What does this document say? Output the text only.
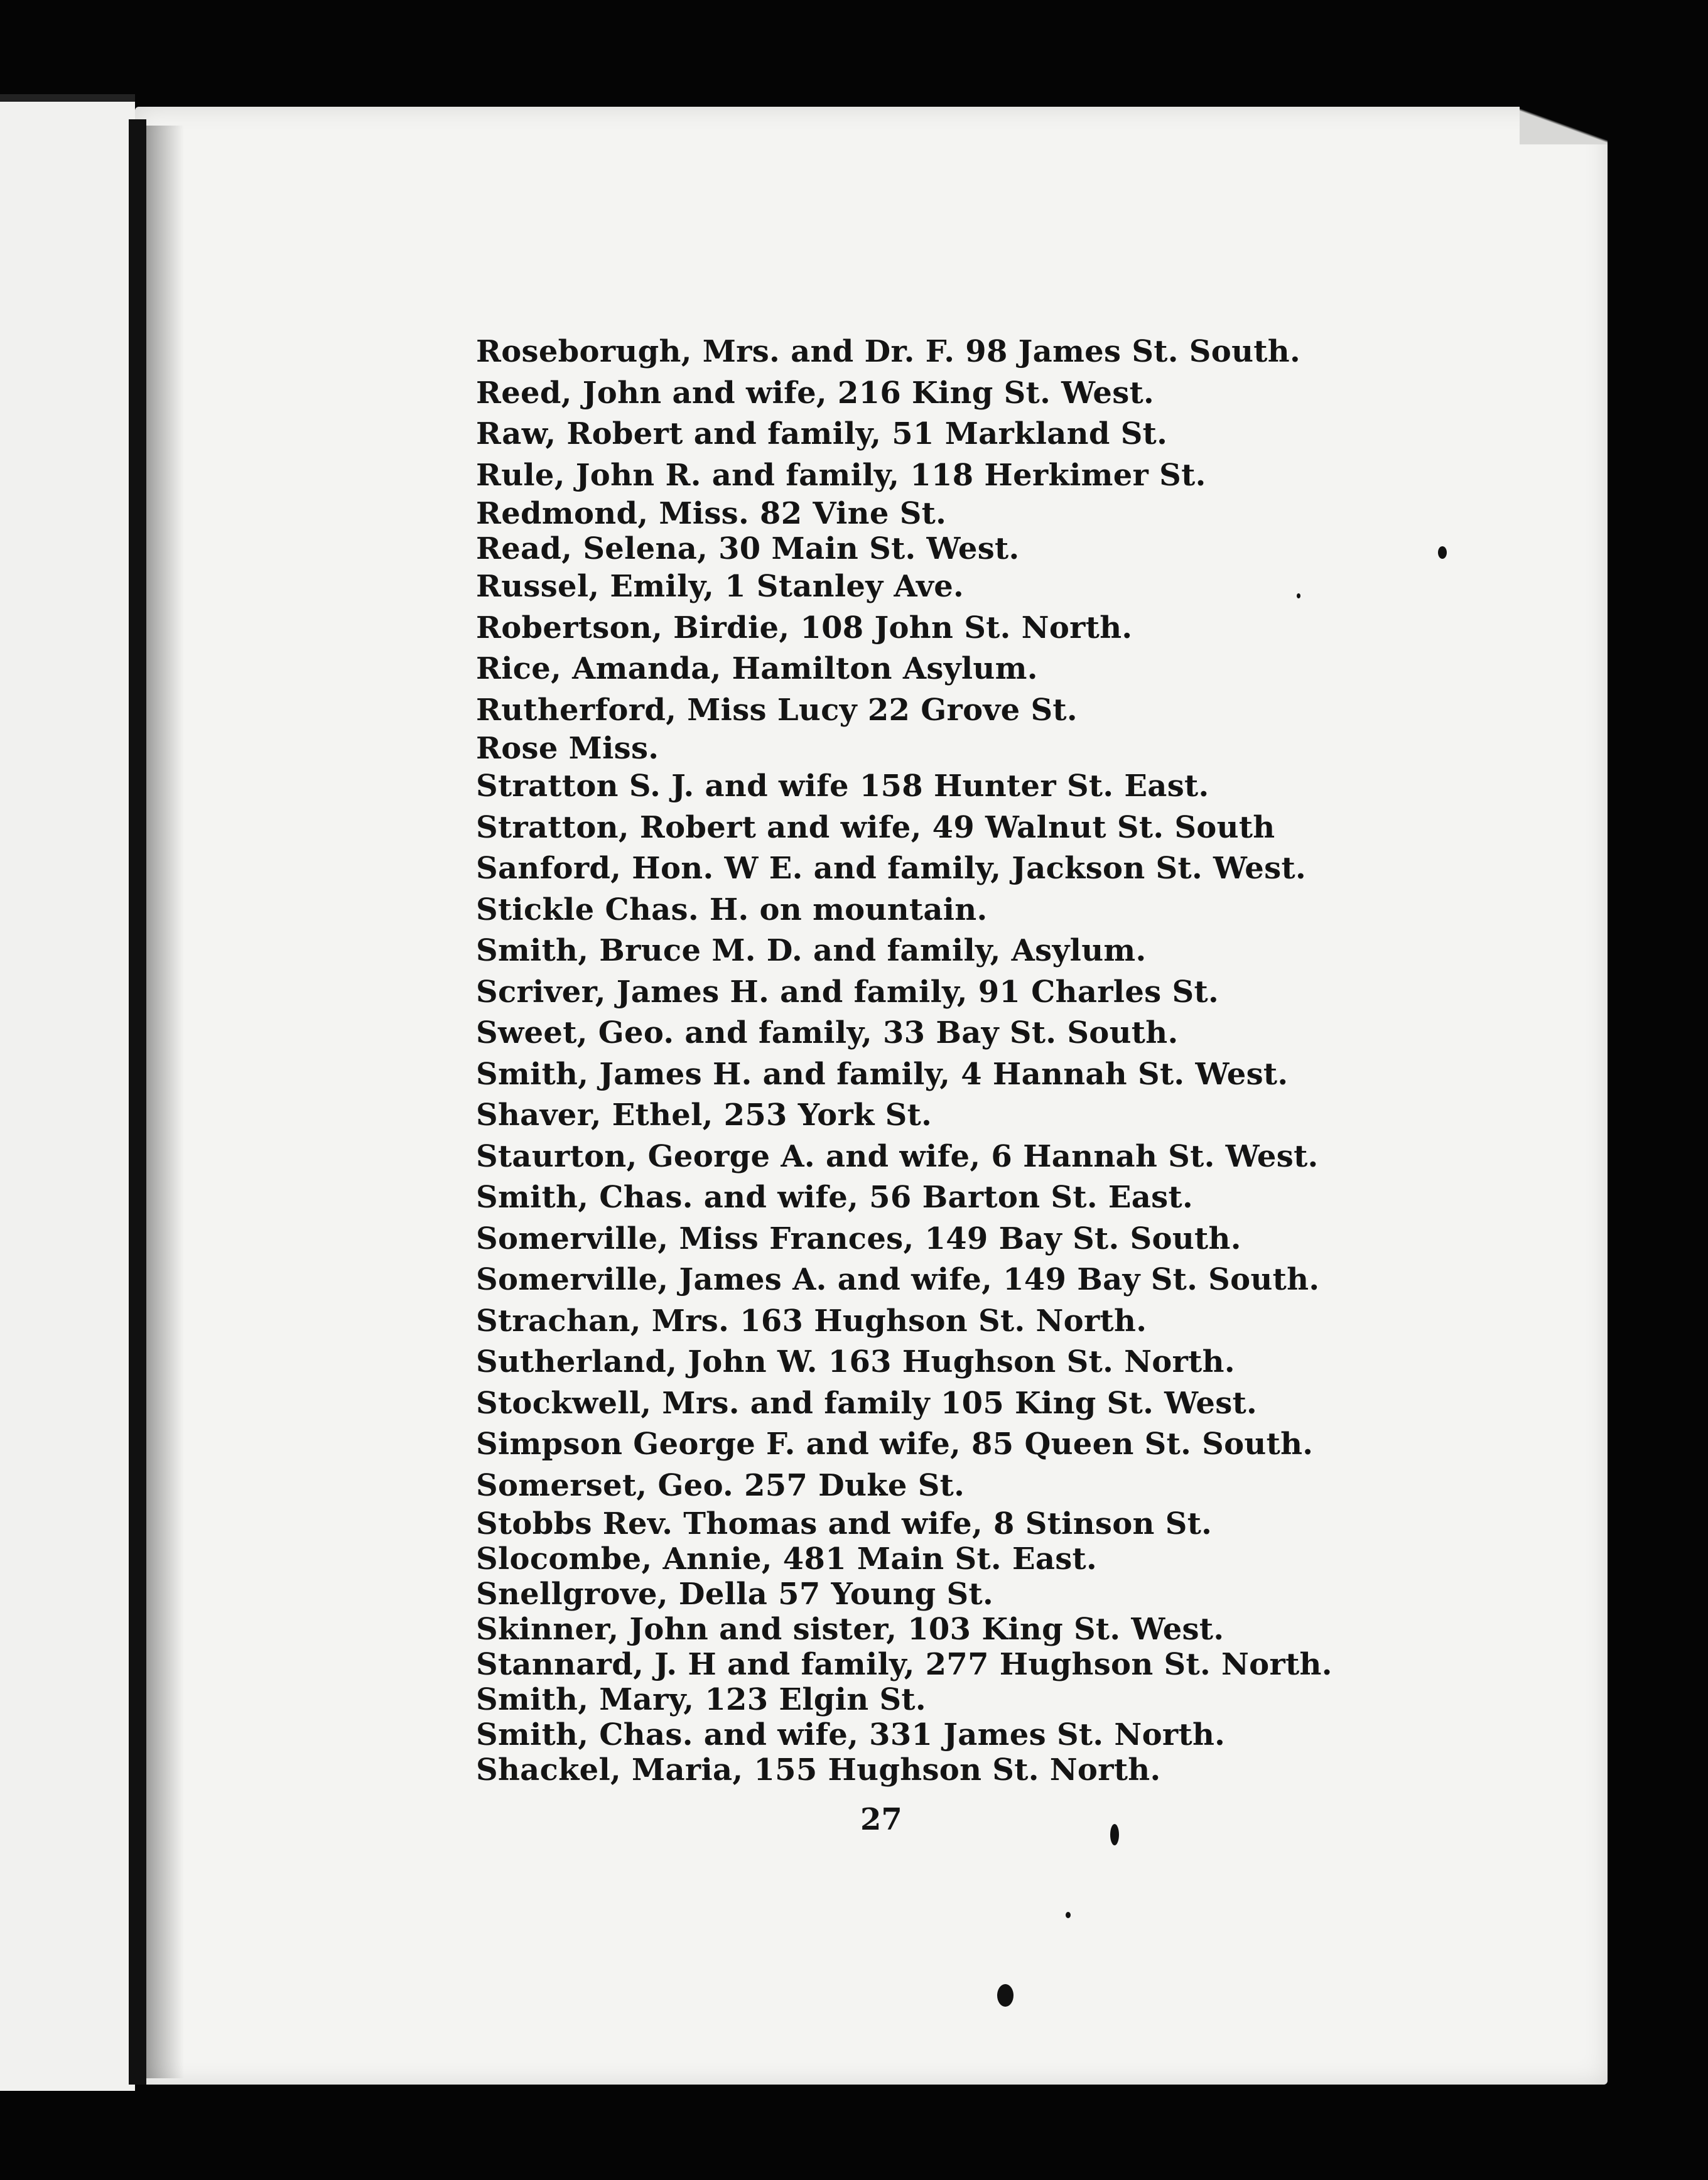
Roseborugh, Mrs. and Dr. F. 98 James St. South.
Reed, John and wife, 216 King St. West.
Raw, Robert and family, 51 Markland St.
Rule, John R. and family, 118 Herkimer St.
Redmond, Miss. 82 Vine St.
Read, Selena, 30 Main St. West.
Russel, Emily, 1 Stanley Ave.
Robertson, Birdie, 108 John St. North.
Rice, Amanda, Hamilton Asylum.
Rutherford, Miss Lucy 22 Grove St.
Rose Miss.
Stratton S. J. and wife 158 Hunter St. East.
Stratton, Robert and wife, 49 Walnut St. South
Sanford, Hon. W E. and family, Jackson St. West.
Stickle Chas. H. on mountain.
Smith, Bruce M. D. and family, Asylum.
Scriver, James H. and family, 91 Charles St.
Sweet, Geo. and family, 33 Bay St. South.
Smith, James H. and family, 4 Hannah St. West.
Shaver, Ethel, 253 York St.
Staurton, George A. and wife, 6 Hannah St. West.
Smith, Chas. and wife, 56 Barton St. East.
Somerville, Miss Frances, 149 Bay St. South.
Somerville, James A. and wife, 149 Bay St. South.
Strachan, Mrs. 163 Hughson St. North.
Sutherland, John W. 163 Hughson St. North.
Stockwell, Mrs. and family 105 King St. West.
Simpson George F. and wife, 85 Queen St. South.
Somerset, Geo. 257 Duke St.
Stobbs Rev. Thomas and wife, 8 Stinson St.
Slocombe, Annie, 481 Main St. East.
Snellgrove, Della 57 Young St.
Skinner, John and sister, 103 King St. West.
Stannard, J. H and family, 277 Hughson St. North.
Smith, Mary, 123 Elgin St.
Smith, Chas. and wife, 331 James St. North.
Shackel, Maria, 155 Hughson St. North.
27
